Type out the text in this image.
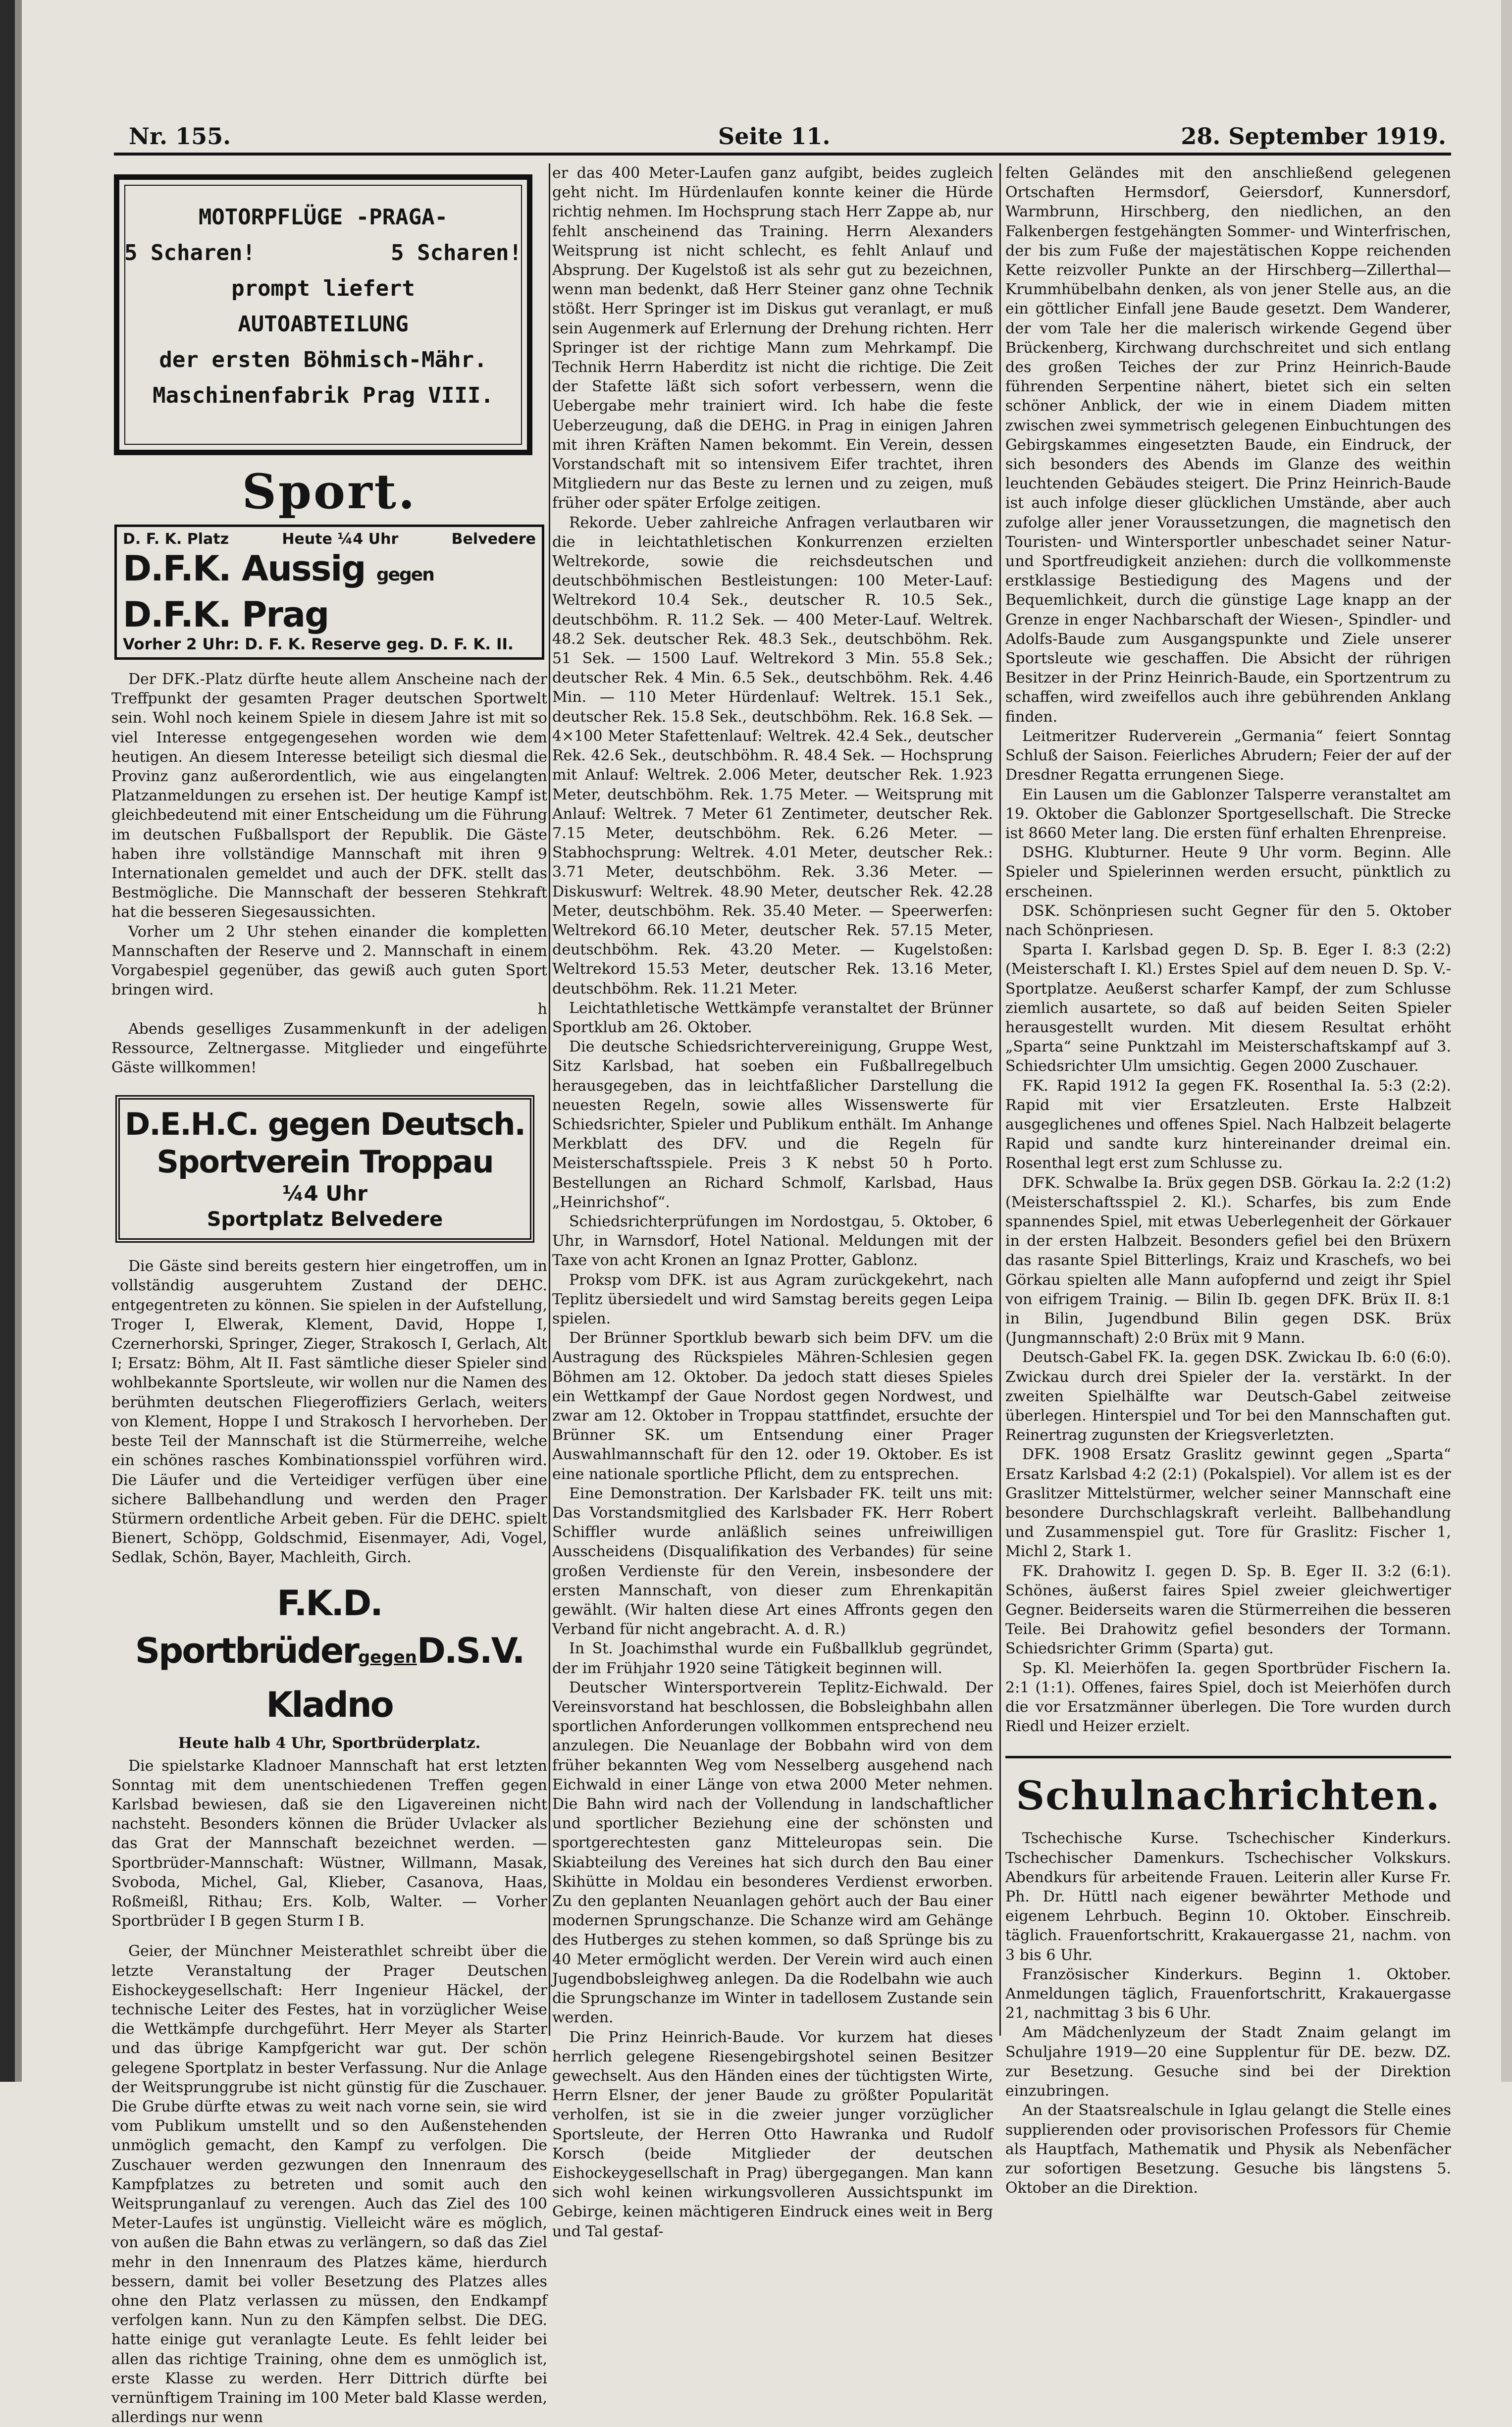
Nr. 155.	Seite 11.	28. September 1919.
MOTORPFLÜGE -PRAGA-
5 Scharen!	5 Scharen!
prompt liefert
AUTOABTEILUNG
der ersten Böhmisch-Mähr.
Maschinenfabrik Prag VIII.
Sport.
D. F. K. Platz	Heute ¼4 Uhr	Belvedere
D.F.K. Aussig gegen D.F.K. Prag
Vorher 2 Uhr: D. F. K. Reserve geg. D. F. K. II.

Der DFK.-Platz dürfte heute allem Anscheine nach der Treffpunkt der gesamten Prager deutschen Sportwelt sein. Wohl noch keinem Spiele in diesem Jahre ist mit so viel Interesse entgegengesehen worden wie dem heutigen. An diesem Interesse beteiligt sich diesmal die Provinz ganz außerordentlich, wie aus eingelangten Platzanmeldungen zu ersehen ist. Der heutige Kampf ist gleichbedeutend mit einer Entscheidung um die Führung im deutschen Fußballsport der Republik. Die Gäste haben ihre vollständige Mannschaft mit ihren 9 Internationalen gemeldet und auch der DFK. stellt das Bestmögliche. Die Mannschaft der besseren Stehkraft hat die besseren Siegesaussichten.

Vorher um 2 Uhr stehen einander die kompletten Mannschaften der Reserve und 2. Mannschaft in einem Vorgabespiel gegenüber, das gewiß auch guten Sport bringen wird.

h

Abends geselliges Zusammenkunft in der adeligen Ressource, Zeltnergasse. Mitglieder und eingeführte Gäste willkommen!

D.E.H.C. gegen Deutsch. Sportverein Troppau
¼4 Uhr
Sportplatz Belvedere

Die Gäste sind bereits gestern hier eingetroffen, um in vollständig ausgeruhtem Zustand der DEHC. entgegentreten zu können. Sie spielen in der Aufstellung, Troger I, Elwerak, Klement, David, Hoppe I, Czernerhorski, Springer, Zieger, Strakosch I, Gerlach, Alt I; Ersatz: Böhm, Alt II. Fast sämtliche dieser Spieler sind wohlbekannte Sportsleute, wir wollen nur die Namen des berühmten deutschen Fliegeroffiziers Gerlach, weiters von Klement, Hoppe I und Strakosch I hervorheben. Der beste Teil der Mannschaft ist die Stürmerreihe, welche ein schönes rasches Kombinationsspiel vorführen wird. Die Läufer und die Verteidiger verfügen über eine sichere Ballbehandlung und werden den Prager Stürmern ordentliche Arbeit geben. Für die DEHC. spielt Bienert, Schöpp, Goldschmid, Eisenmayer, Adi, Vogel, Sedlak, Schön, Bayer, Machleith, Girch.

F.K.D. SportbrüdergegenD.S.V. Kladno
Heute halb 4 Uhr, Sportbrüderplatz.

Die spielstarke Kladnoer Mannschaft hat erst letzten Sonntag mit dem unentschiedenen Treffen gegen Karlsbad bewiesen, daß sie den Ligavereinen nicht nachsteht. Besonders können die Brüder Uvlacker als das Grat der Mannschaft bezeichnet werden. — Sportbrüder-Mannschaft: Wüstner, Willmann, Masak, Svoboda, Michel, Gal, Klieber, Casanova, Haas, Roßmeißl, Rithau; Ers. Kolb, Walter. — Vorher Sportbrüder I B gegen Sturm I B.

Geier, der Münchner Meisterathlet schreibt über die letzte Veranstaltung der Prager Deutschen Eishockeygesellschaft: Herr Ingenieur Häckel, der technische Leiter des Festes, hat in vorzüglicher Weise die Wettkämpfe durchgeführt. Herr Meyer als Starter und das übrige Kampfgericht war gut. Der schön gelegene Sportplatz in bester Verfassung. Nur die Anlage der Weitsprunggrube ist nicht günstig für die Zuschauer. Die Grube dürfte etwas zu weit nach vorne sein, sie wird vom Publikum umstellt und so den Außenstehenden unmöglich gemacht, den Kampf zu verfolgen. Die Zuschauer werden gezwungen den Innenraum des Kampfplatzes zu betreten und somit auch den Weitsprunganlauf zu verengen. Auch das Ziel des 100 Meter-Laufes ist ungünstig. Vielleicht wäre es möglich, von außen die Bahn etwas zu verlängern, so daß das Ziel mehr in den Innenraum des Platzes käme, hierdurch bessern, damit bei voller Besetzung des Platzes alles ohne den Platz verlassen zu müssen, den Endkampf verfolgen kann. Nun zu den Kämpfen selbst. Die DEG. hatte einige gut veranlagte Leute. Es fehlt leider bei allen das richtige Training, ohne dem es unmöglich ist, erste Klasse zu werden. Herr Dittrich dürfte bei vernünftigem Training im 100 Meter bald Klasse werden, allerdings nur wenn

er das 400 Meter-Laufen ganz aufgibt, beides zugleich geht nicht. Im Hürdenlaufen konnte keiner die Hürde richtig nehmen. Im Hochsprung stach Herr Zappe ab, nur fehlt anscheinend das Training. Herrn Alexanders Weitsprung ist nicht schlecht, es fehlt Anlauf und Absprung. Der Kugelstoß ist als sehr gut zu bezeichnen, wenn man bedenkt, daß Herr Steiner ganz ohne Technik stößt. Herr Springer ist im Diskus gut veranlagt, er muß sein Augenmerk auf Erlernung der Drehung richten. Herr Springer ist der richtige Mann zum Mehrkampf. Die Technik Herrn Haberditz ist nicht die richtige. Die Zeit der Stafette läßt sich sofort verbessern, wenn die Uebergabe mehr trainiert wird. Ich habe die feste Ueberzeugung, daß die DEHG. in Prag in einigen Jahren mit ihren Kräften Namen bekommt. Ein Verein, dessen Vorstandschaft mit so intensivem Eifer trachtet, ihren Mitgliedern nur das Beste zu lernen und zu zeigen, muß früher oder später Erfolge zeitigen.

Rekorde. Ueber zahlreiche Anfragen verlautbaren wir die in leichtathletischen Konkurrenzen erzielten Weltrekorde, sowie die reichsdeutschen und deutschböhmischen Bestleistungen: 100 Meter-Lauf: Weltrekord 10.4 Sek., deutscher R. 10.5 Sek., deutschböhm. R. 11.2 Sek. — 400 Meter-Lauf. Weltrek. 48.2 Sek. deutscher Rek. 48.3 Sek., deutschböhm. Rek. 51 Sek. — 1500 Lauf. Weltrekord 3 Min. 55.8 Sek.; deutscher Rek. 4 Min. 6.5 Sek., deutschböhm. Rek. 4.46 Min. — 110 Meter Hürdenlauf: Weltrek. 15.1 Sek., deutscher Rek. 15.8 Sek., deutschböhm. Rek. 16.8 Sek. — 4×100 Meter Stafettenlauf: Weltrek. 42.4 Sek., deutscher Rek. 42.6 Sek., deutschböhm. R. 48.4 Sek. — Hochsprung mit Anlauf: Weltrek. 2.006 Meter, deutscher Rek. 1.923 Meter, deutschböhm. Rek. 1.75 Meter. — Weitsprung mit Anlauf: Weltrek. 7 Meter 61 Zentimeter, deutscher Rek. 7.15 Meter, deutschböhm. Rek. 6.26 Meter. — Stabhochsprung: Weltrek. 4.01 Meter, deutscher Rek.: 3.71 Meter, deutschböhm. Rek. 3.36 Meter. — Diskuswurf: Weltrek. 48.90 Meter, deutscher Rek. 42.28 Meter, deutschböhm. Rek. 35.40 Meter. — Speerwerfen: Weltrekord 66.10 Meter, deutscher Rek. 57.15 Meter, deutschböhm. Rek. 43.20 Meter. — Kugelstoßen: Weltrekord 15.53 Meter, deutscher Rek. 13.16 Meter, deutschböhm. Rek. 11.21 Meter.

Leichtathletische Wettkämpfe veranstaltet der Brünner Sportklub am 26. Oktober.

Die deutsche Schiedsrichtervereinigung, Gruppe West, Sitz Karlsbad, hat soeben ein Fußballregelbuch herausgegeben, das in leichtfaßlicher Darstellung die neuesten Regeln, sowie alles Wissenswerte für Schiedsrichter, Spieler und Publikum enthält. Im Anhange Merkblatt des DFV. und die Regeln für Meisterschaftsspiele. Preis 3 K nebst 50 h Porto. Bestellungen an Richard Schmolf, Karlsbad, Haus „Heinrichshof“.

Schiedsrichterprüfungen im Nordostgau, 5. Oktober, 6 Uhr, in Warnsdorf, Hotel National. Meldungen mit der Taxe von acht Kronen an Ignaz Protter, Gablonz.

Proksp vom DFK. ist aus Agram zurückgekehrt, nach Teplitz übersiedelt und wird Samstag bereits gegen Leipa spielen.

Der Brünner Sportklub bewarb sich beim DFV. um die Austragung des Rückspieles Mähren-Schlesien gegen Böhmen am 12. Oktober. Da jedoch statt dieses Spieles ein Wettkampf der Gaue Nordost gegen Nordwest, und zwar am 12. Oktober in Troppau stattfindet, ersuchte der Brünner SK. um Entsendung einer Prager Auswahlmannschaft für den 12. oder 19. Oktober. Es ist eine nationale sportliche Pflicht, dem zu entsprechen.

Eine Demonstration. Der Karlsbader FK. teilt uns mit: Das Vorstandsmitglied des Karlsbader FK. Herr Robert Schiffler wurde anläßlich seines unfreiwilligen Ausscheidens (Disqualifikation des Verbandes) für seine großen Verdienste für den Verein, insbesondere der ersten Mannschaft, von dieser zum Ehrenkapitän gewählt. (Wir halten diese Art eines Affronts gegen den Verband für nicht angebracht. A. d. R.)

In St. Joachimsthal wurde ein Fußballklub gegründet, der im Frühjahr 1920 seine Tätigkeit beginnen will.

Deutscher Wintersportverein Teplitz-Eichwald. Der Vereinsvorstand hat beschlossen, die Bobsleighbahn allen sportlichen Anforderungen vollkommen entsprechend neu anzulegen. Die Neuanlage der Bobbahn wird von dem früher bekannten Weg vom Nesselberg ausgehend nach Eichwald in einer Länge von etwa 2000 Meter nehmen. Die Bahn wird nach der Vollendung in landschaftlicher und sportlicher Beziehung eine der schönsten und sportgerechtesten ganz Mitteleuropas sein. Die Skiabteilung des Vereines hat sich durch den Bau einer Skihütte in Moldau ein besonderes Verdienst erworben. Zu den geplanten Neuanlagen gehört auch der Bau einer modernen Sprungschanze. Die Schanze wird am Gehänge des Hutberges zu stehen kommen, so daß Sprünge bis zu 40 Meter ermöglicht werden. Der Verein wird auch einen Jugendbobsleighweg anlegen. Da die Rodelbahn wie auch die Sprungschanze im Winter in tadellosem Zustande sein werden.

Die Prinz Heinrich-Baude. Vor kurzem hat dieses herrlich gelegene Riesengebirgshotel seinen Besitzer gewechselt. Aus den Händen eines der tüchtigsten Wirte, Herrn Elsner, der jener Baude zu größter Popularität verholfen, ist sie in die zweier junger vorzüglicher Sportsleute, der Herren Otto Hawranka und Rudolf Korsch (beide Mitglieder der deutschen Eishockeygesellschaft in Prag) übergegangen. Man kann sich wohl keinen wirkungsvolleren Aussichtspunkt im Gebirge, keinen mächtigeren Eindruck eines weit in Berg und Tal gestaf-

felten Geländes mit den anschließend gelegenen Ortschaften Hermsdorf, Geiersdorf, Kunnersdorf, Warmbrunn, Hirschberg, den niedlichen, an den Falkenbergen festgehängten Sommer- und Winterfrischen, der bis zum Fuße der majestätischen Koppe reichenden Kette reizvoller Punkte an der Hirschberg—Zillerthal—Krummhübelbahn denken, als von jener Stelle aus, an die ein göttlicher Einfall jene Baude gesetzt. Dem Wanderer, der vom Tale her die malerisch wirkende Gegend über Brückenberg, Kirchwang durchschreitet und sich entlang des großen Teiches der zur Prinz Heinrich-Baude führenden Serpentine nähert, bietet sich ein selten schöner Anblick, der wie in einem Diadem mitten zwischen zwei symmetrisch gelegenen Einbuchtungen des Gebirgskammes eingesetzten Baude, ein Eindruck, der sich besonders des Abends im Glanze des weithin leuchtenden Gebäudes steigert. Die Prinz Heinrich-Baude ist auch infolge dieser glücklichen Umstände, aber auch zufolge aller jener Voraussetzungen, die magnetisch den Touristen- und Wintersportler unbeschadet seiner Natur- und Sportfreudigkeit anziehen: durch die vollkommenste erstklassige Bestiedigung des Magens und der Bequemlichkeit, durch die günstige Lage knapp an der Grenze in enger Nachbarschaft der Wiesen-, Spindler- und Adolfs-Baude zum Ausgangspunkte und Ziele unserer Sportsleute wie geschaffen. Die Absicht der rührigen Besitzer in der Prinz Heinrich-Baude, ein Sportzentrum zu schaffen, wird zweifellos auch ihre gebührenden Anklang finden.

Leitmeritzer Ruderverein „Germania“ feiert Sonntag Schluß der Saison. Feierliches Abrudern; Feier der auf der Dresdner Regatta errungenen Siege.

Ein Lausen um die Gablonzer Talsperre veranstaltet am 19. Oktober die Gablonzer Sportgesellschaft. Die Strecke ist 8660 Meter lang. Die ersten fünf erhalten Ehrenpreise.

DSHG. Klubturner. Heute 9 Uhr vorm. Beginn. Alle Spieler und Spielerinnen werden ersucht, pünktlich zu erscheinen.

DSK. Schönpriesen sucht Gegner für den 5. Oktober nach Schönpriesen.

Sparta I. Karlsbad gegen D. Sp. B. Eger I. 8:3 (2:2) (Meisterschaft I. Kl.) Erstes Spiel auf dem neuen D. Sp. V.-Sportplatze. Aeußerst scharfer Kampf, der zum Schlusse ziemlich ausartete, so daß auf beiden Seiten Spieler herausgestellt wurden. Mit diesem Resultat erhöht „Sparta“ seine Punktzahl im Meisterschaftskampf auf 3. Schiedsrichter Ulm umsichtig. Gegen 2000 Zuschauer.

FK. Rapid 1912 Ia gegen FK. Rosenthal Ia. 5:3 (2:2). Rapid mit vier Ersatzleuten. Erste Halbzeit ausgeglichenes und offenes Spiel. Nach Halbzeit belagerte Rapid und sandte kurz hintereinander dreimal ein. Rosenthal legt erst zum Schlusse zu.

DFK. Schwalbe Ia. Brüx gegen DSB. Görkau Ia. 2:2 (1:2) (Meisterschaftsspiel 2. Kl.). Scharfes, bis zum Ende spannendes Spiel, mit etwas Ueberlegenheit der Görkauer in der ersten Halbzeit. Besonders gefiel bei den Brüxern das rasante Spiel Bitterlings, Kraiz und Kraschefs, wo bei Görkau spielten alle Mann aufopfernd und zeigt ihr Spiel von eifrigem Trainig. — Bilin Ib. gegen DFK. Brüx II. 8:1 in Bilin, Jugendbund Bilin gegen DSK. Brüx (Jungmannschaft) 2:0 Brüx mit 9 Mann.

Deutsch-Gabel FK. Ia. gegen DSK. Zwickau Ib. 6:0 (6:0). Zwickau durch drei Spieler der Ia. verstärkt. In der zweiten Spielhälfte war Deutsch-Gabel zeitweise überlegen. Hinterspiel und Tor bei den Mannschaften gut. Reinertrag zugunsten der Kriegsverletzten.

DFK. 1908 Ersatz Graslitz gewinnt gegen „Sparta“ Ersatz Karlsbad 4:2 (2:1) (Pokalspiel). Vor allem ist es der Graslitzer Mittelstürmer, welcher seiner Mannschaft eine besondere Durchschlagskraft verleiht. Ballbehandlung und Zusammenspiel gut. Tore für Graslitz: Fischer 1, Michl 2, Stark 1.

FK. Drahowitz I. gegen D. Sp. B. Eger II. 3:2 (6:1). Schönes, äußerst faires Spiel zweier gleichwertiger Gegner. Beiderseits waren die Stürmerreihen die besseren Teile. Bei Drahowitz gefiel besonders der Tormann. Schiedsrichter Grimm (Sparta) gut.

Sp. Kl. Meierhöfen Ia. gegen Sportbrüder Fischern Ia. 2:1 (1:1). Offenes, faires Spiel, doch ist Meierhöfen durch die vor Ersatzmänner überlegen. Die Tore wurden durch Riedl und Heizer erzielt.

Schulnachrichten.

Tschechische Kurse. Tschechischer Kinderkurs. Tschechischer Damenkurs. Tschechischer Volkskurs. Abendkurs für arbeitende Frauen. Leiterin aller Kurse Fr. Ph. Dr. Hüttl nach eigener bewährter Methode und eigenem Lehrbuch. Beginn 10. Oktober. Einschreib. täglich. Frauenfortschritt, Krakauergasse 21, nachm. von 3 bis 6 Uhr.

Französischer Kinderkurs. Beginn 1. Oktober. Anmeldungen täglich, Frauenfortschritt, Krakauergasse 21, nachmittag 3 bis 6 Uhr.

Am Mädchenlyzeum der Stadt Znaim gelangt im Schuljahre 1919—20 eine Supplentur für DE. bezw. DZ. zur Besetzung. Gesuche sind bei der Direktion einzubringen.

An der Staatsrealschule in Iglau gelangt die Stelle eines supplierenden oder provisorischen Professors für Chemie als Hauptfach, Mathematik und Physik als Nebenfächer zur sofortigen Besetzung. Gesuche bis längstens 5. Oktober an die Direktion.
